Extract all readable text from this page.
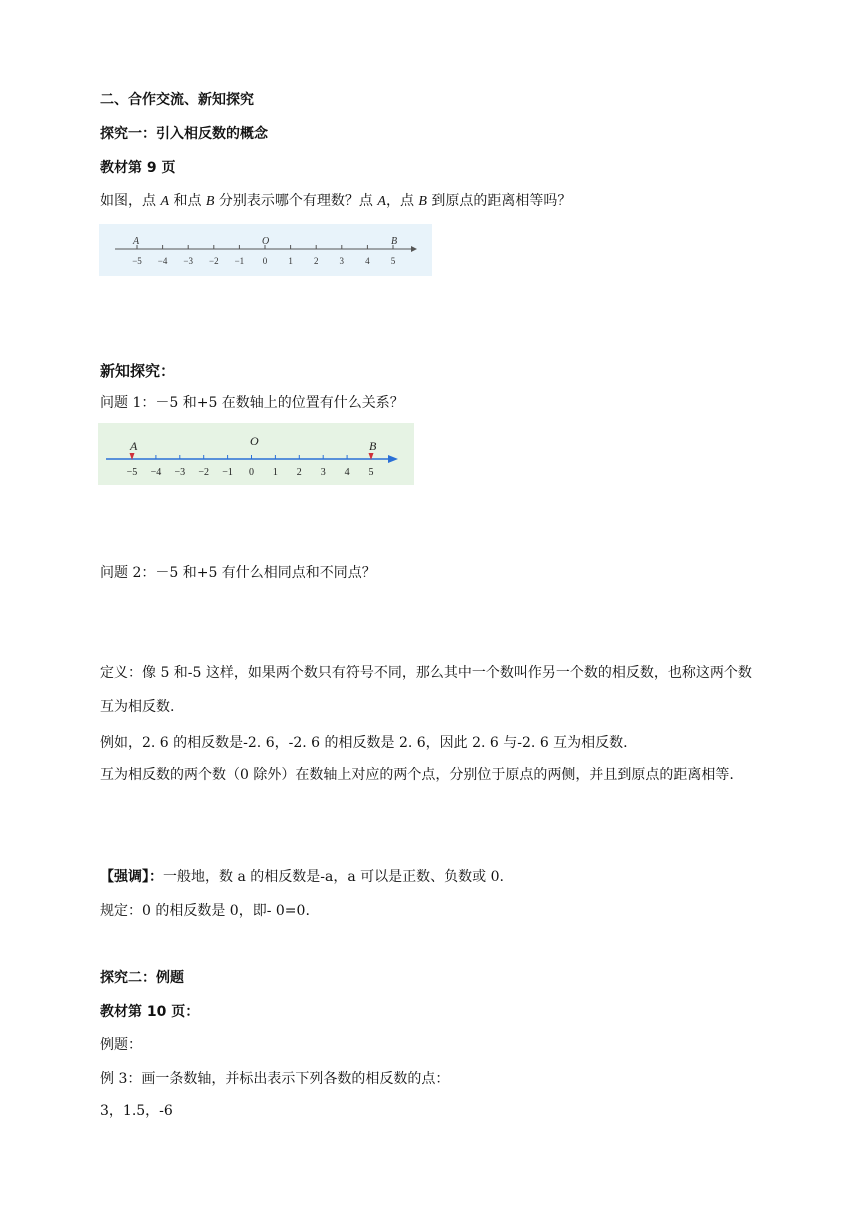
二、合作交流、新知探究
探究一：引入相反数的概念
教材第 9 页
如图，点 A 和点 B 分别表示哪个有理数？点 A，点 B 到原点的距离相等吗？
A	O	B
−5 −4 −3 −2 −1 0 1 2 3 4 5
新知探究：
问题 1：－5 和+5 在数轴上的位置有什么关系？
A	O	B
−5 −4 −3 −2 −1 0 1 2 3 4 5
问题 2：－5 和+5 有什么相同点和不同点？
定义：像 5 和-5 这样，如果两个数只有符号不同，那么其中一个数叫作另一个数的相反数，也称这两个数互为相反数.
例如，2. 6 的相反数是-2. 6，-2. 6 的相反数是 2. 6，因此 2. 6 与-2. 6 互为相反数.
互为相反数的两个数（0 除外）在数轴上对应的两个点，分别位于原点的两侧，并且到原点的距离相等.
【强调】：一般地，数 a 的相反数是-a，a 可以是正数、负数或 0.
规定：0 的相反数是 0，即- 0=0.
探究二：例题
教材第 10 页：
例题：
例 3：画一条数轴，并标出表示下列各数的相反数的点：
3，1.5，-6
